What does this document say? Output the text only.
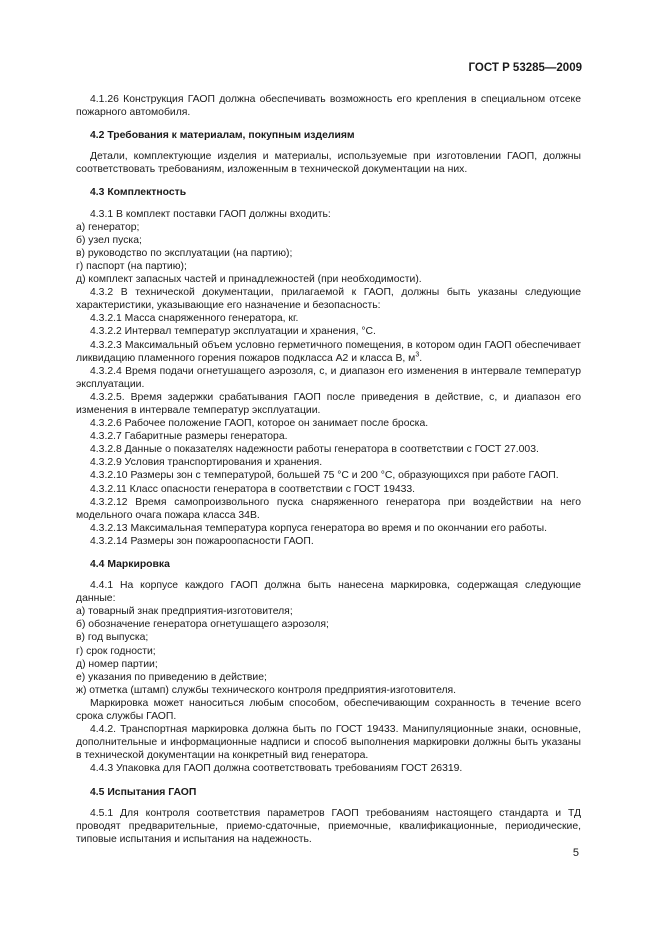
ГОСТ Р 53285—2009

4.1.26 Конструкция ГАОП должна обеспечивать возможность его крепления в специальном отсеке пожарного автомобиля.

4.2 Требования к материалам, покупным изделиям

Детали, комплектующие изделия и материалы, используемые при изготовлении ГАОП, должны соответствовать требованиям, изложенным в технической документации на них.

4.3 Комплектность

4.3.1 В комплект поставки ГАОП должны входить:

а) генератор;

б) узел пуска;

в) руководство по эксплуатации (на партию);

г) паспорт (на партию);

д) комплект запасных частей и принадлежностей (при необходимости).

4.3.2 В технической документации, прилагаемой к ГАОП, должны быть указаны следующие характеристики, указывающие его назначение и безопасность:

4.3.2.1 Масса снаряженного генератора, кг.

4.3.2.2 Интервал температур эксплуатации и хранения, °С.

4.3.2.3 Максимальный объем условно герметичного помещения, в котором один ГАОП обеспечивает ликвидацию пламенного горения пожаров подкласса А2 и класса В, $м^3$.

4.3.2.4 Время подачи огнетушащего аэрозоля, с, и диапазон его изменения в интервале температур эксплуатации.

4.3.2.5. Время задержки срабатывания ГАОП после приведения в действие, с, и диапазон его изменения в интервале температур эксплуатации.

4.3.2.6 Рабочее положение ГАОП, которое он занимает после броска.

4.3.2.7 Габаритные размеры генератора.

4.3.2.8 Данные о показателях надежности работы генератора в соответствии с ГОСТ 27.003.

4.3.2.9 Условия транспортирования и хранения.

4.3.2.10 Размеры зон с температурой, большей 75 °С и 200 °С, образующихся при работе ГАОП.

4.3.2.11 Класс опасности генератора в соответствии с ГОСТ 19433.

4.3.2.12 Время самопроизвольного пуска снаряженного генератора при воздействии на него модельного очага пожара класса 34В.

4.3.2.13 Максимальная температура корпуса генератора во время и по окончании его работы.

4.3.2.14 Размеры зон пожароопасности ГАОП.

4.4 Маркировка

4.4.1 На корпусе каждого ГАОП должна быть нанесена маркировка, содержащая следующие данные:

а) товарный знак предприятия-изготовителя;

б) обозначение генератора огнетушащего аэрозоля;

в) год выпуска;

г) срок годности;

д) номер партии;

е) указания по приведению в действие;

ж) отметка (штамп) службы технического контроля предприятия-изготовителя.

Маркировка может наноситься любым способом, обеспечивающим сохранность в течение всего срока службы ГАОП.

4.4.2. Транспортная маркировка должна быть по ГОСТ 19433. Манипуляционные знаки, основные, дополнительные и информационные надписи и способ выполнения маркировки должны быть указаны в технической документации на конкретный вид генератора.

4.4.3 Упаковка для ГАОП должна соответствовать требованиям ГОСТ 26319.

4.5 Испытания ГАОП

4.5.1 Для контроля соответствия параметров ГАОП требованиям настоящего стандарта и ТД проводят предварительные, приемо-сдаточные, приемочные, квалификационные, периодические, типовые испытания и испытания на надежность.

5
